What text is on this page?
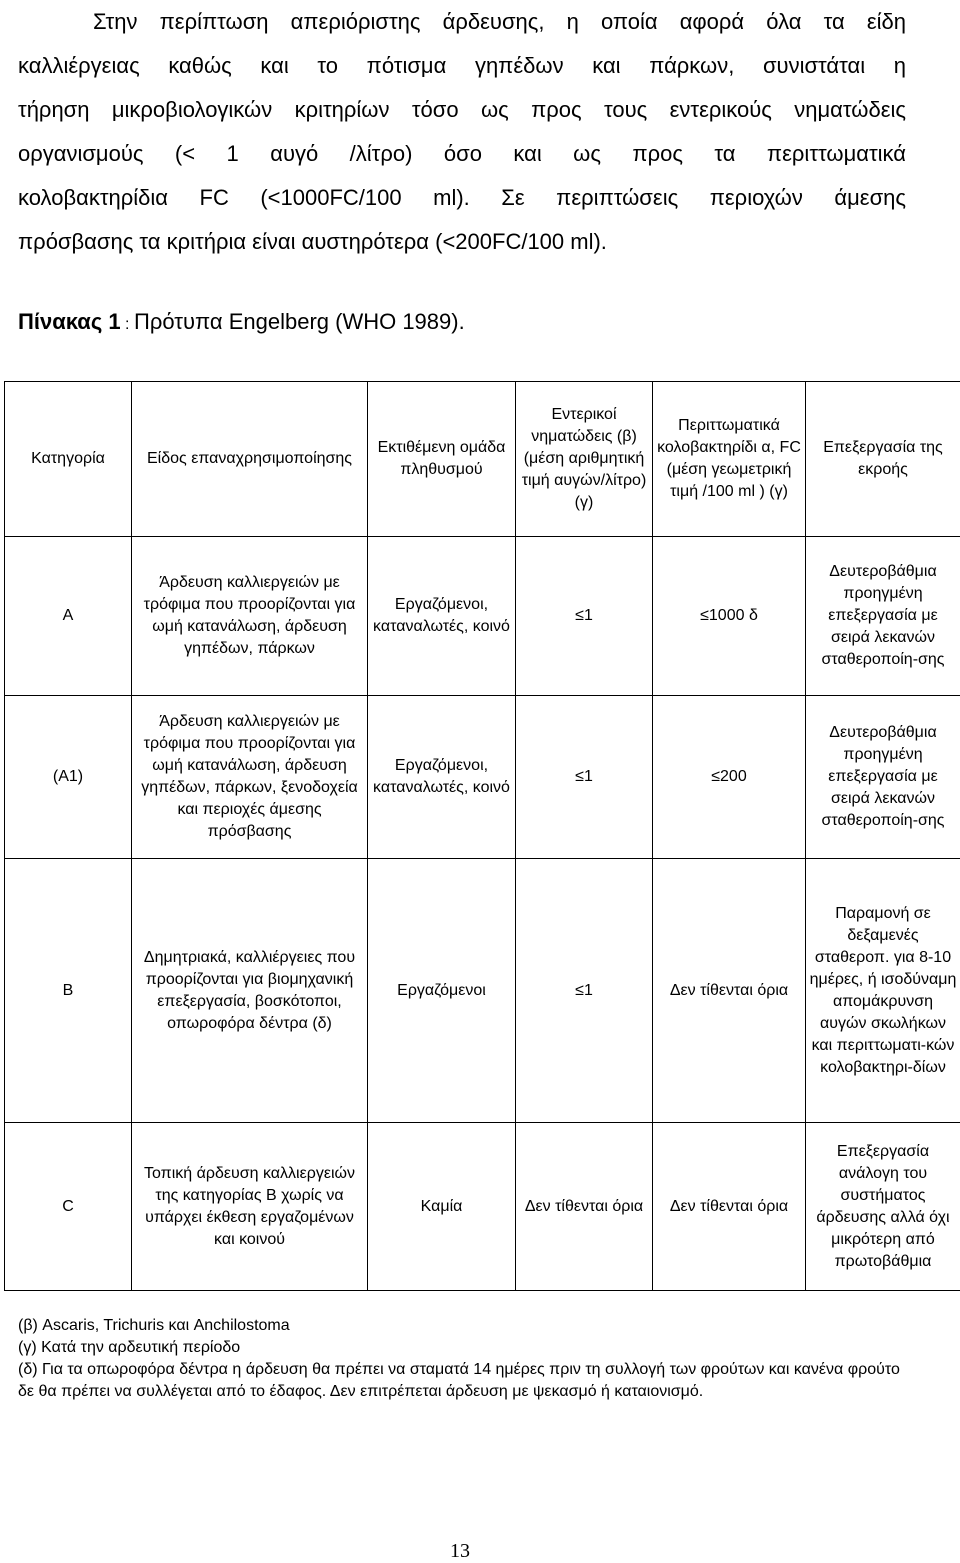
Στην περίπτωση απεριόριστης άρδευσης, η οποία αφορά όλα τα είδη
καλλιέργειας καθώς και το πότισμα γηπέδων και πάρκων, συνιστάται η
τήρηση μικροβιολογικών κριτηρίων τόσο ως προς τους εντερικούς νηματώδεις
οργανισμούς (< 1 αυγό /λίτρο) όσο και ως προς τα περιττωματικά
κολοβακτηρίδια FC (<1000FC/100 ml). Σε περιπτώσεις περιοχών άμεσης
πρόσβασης τα κριτήρια είναι αυστηρότερα (<200FC/100 ml).
Πίνακας 1 : Πρότυπα Engelberg (WHO 1989).
Κατηγορία	Είδος επαναχρησιμοποίησης	Εκτιθέμενη ομάδα πληθυσμού	Εντερικοί νηματώδεις (β)(μέση αριθμητική τιμή αυγών/λίτρο) (γ)	Περιττωματικά κολοβακτηρίδι α, FC (μέση γεωμετρική τιμή /100 ml ) (γ)	Επεξεργασία της εκροής
A	Άρδευση καλλιεργειών με τρόφιμα που προορίζονται για ωμή κατανάλωση, άρδευση γηπέδων, πάρκων	Εργαζόμενοι, καταναλωτές, κοινό	≤1	≤1000 δ	Δευτεροβάθμια προηγμένη επεξεργασία με σειρά λεκανών σταθεροποίη-σης
(A1)	Άρδευση καλλιεργειών με τρόφιμα που προορίζονται για ωμή κατανάλωση, άρδευση γηπέδων, πάρκων, ξενοδοχεία και περιοχές άμεσης πρόσβασης	Εργαζόμενοι, καταναλωτές, κοινό	≤1	≤200	Δευτεροβάθμια προηγμένη επεξεργασία με σειρά λεκανών σταθεροποίη-σης
B	Δημητριακά, καλλιέργειες που προορίζονται για βιομηχανική επεξεργασία, βοσκότοποι, οπωροφόρα δέντρα (δ)	Εργαζόμενοι	≤1	Δεν τίθενται όρια	Παραμονή σε δεξαμενές σταθεροπ. για 8-10 ημέρες, ή ισοδύναμη απομάκρυνση αυγών σκωλήκων και περιττωματι-κών κολοβακτηρι-δίων
C	Τοπική άρδευση καλλιεργειών της κατηγορίας B χωρίς να υπάρχει έκθεση εργαζομένων και κοινού	Καμία	Δεν τίθενται όρια	Δεν τίθενται όρια	Επεξεργασία ανάλογη του συστήματος άρδευσης αλλά όχι μικρότερη από πρωτοβάθμια
(β) Ascaris, Trichuris και Anchilostoma
(γ) Κατά την αρδευτική περίοδο
(δ) Για τα οπωροφόρα δέντρα η άρδευση θα πρέπει να σταματά 14 ημέρες πριν τη συλλογή των φρούτων και κανένα φρούτο δε θα πρέπει να συλλέγεται από το έδαφος. Δεν επιτρέπεται άρδευση με ψεκασμό ή καταιονισμό.
13
